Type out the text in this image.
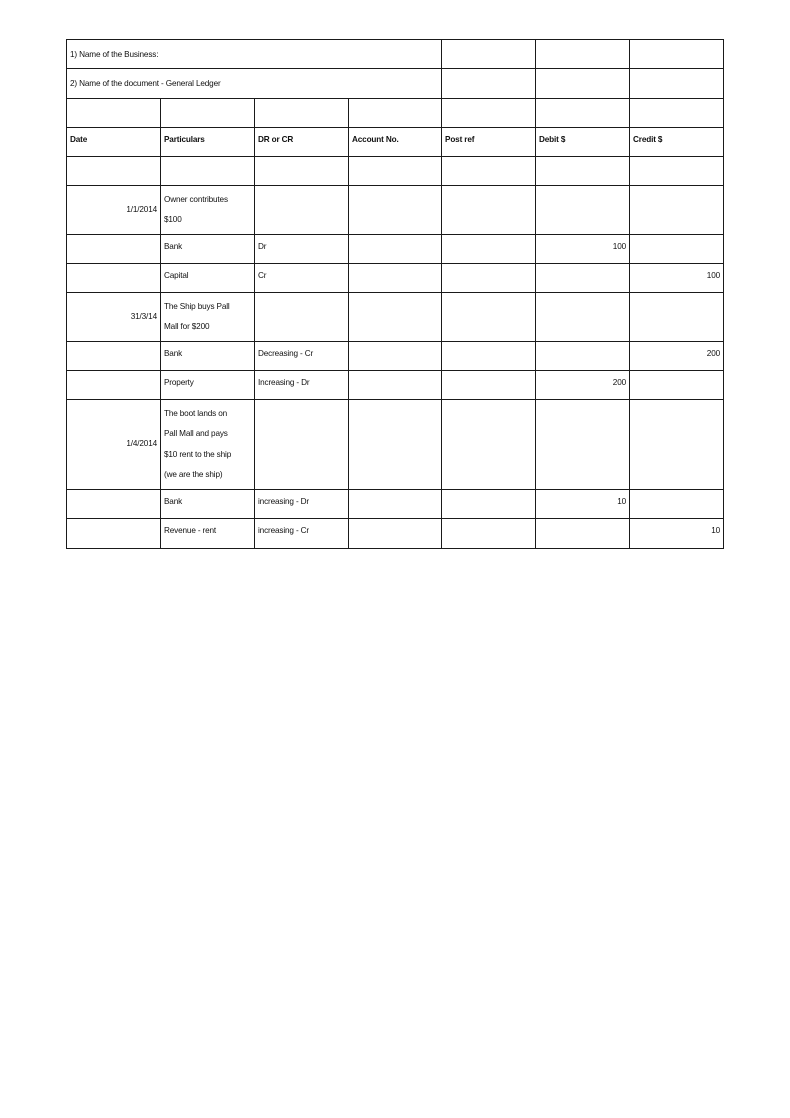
1) Name of the Business:						
2) Name of the document - General Ledger						

Date	Particulars	DR or CR	Account No.	Post ref	Debit $	Credit $

1/1/2014	Owner contributes
$100					

	Bank	Dr			100	
	Capital	Cr				100

31/3/14	The Ship buys Pall
Mall for $200					

	Bank	Decreasing - Cr				200
	Property	Increasing - Dr			200	

1/4/2014	The boot lands on
Pall Mall and pays
$10 rent to the ship
(we are the ship)					

	Bank	increasing - Dr			10	
	Revenue - rent	increasing - Cr				10
